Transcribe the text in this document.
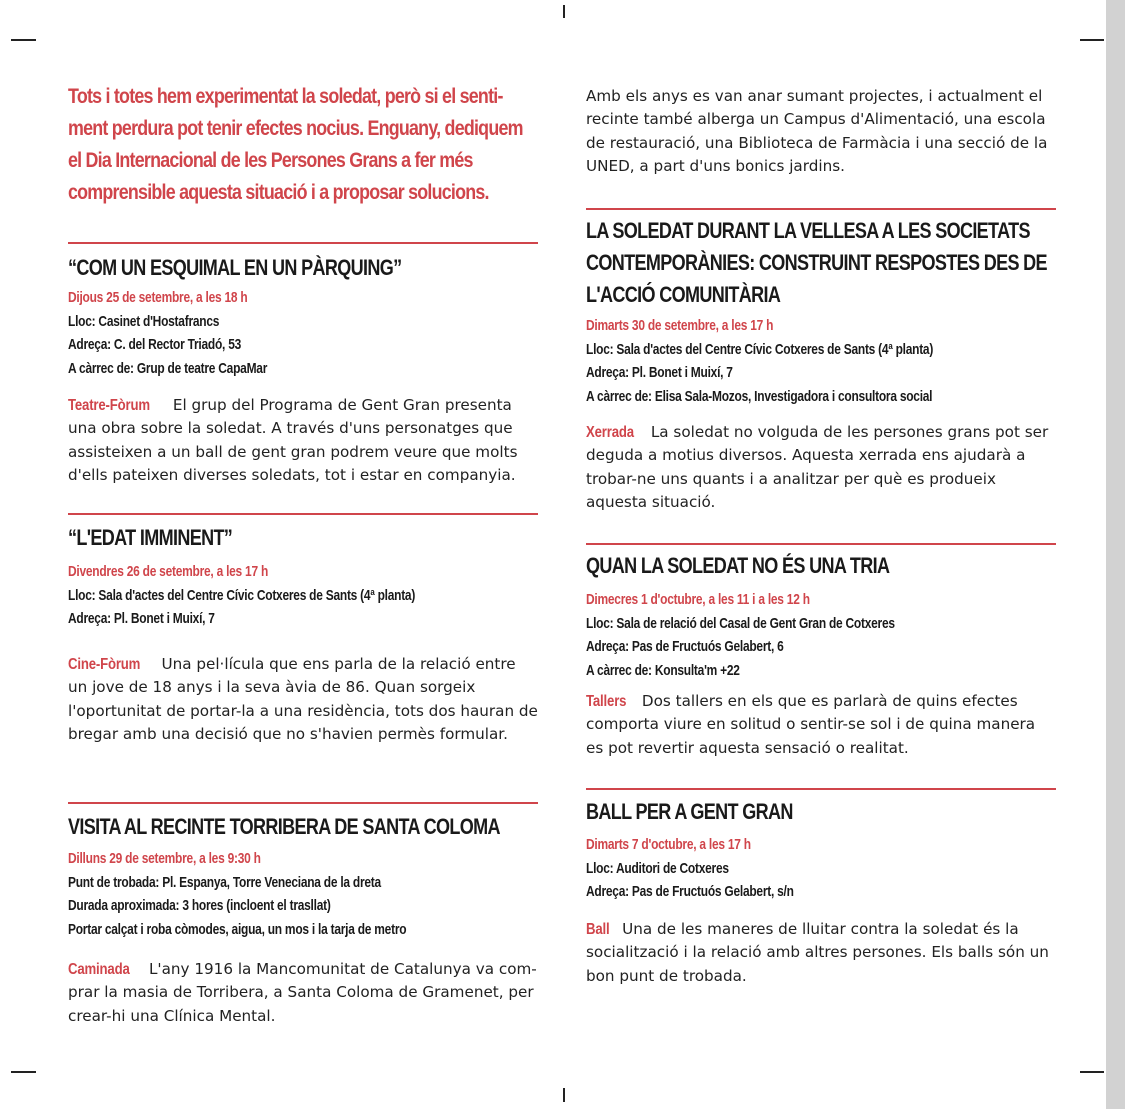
Tots i totes hem experimentat la soledat, però si el senti-ment perdura pot tenir efectes nocius. Enguany, dediquem el Dia Internacional de les Persones Grans a fer més comprensible aquesta situació i a proposar solucions.

“COM UN ESQUIMAL EN UN PÀRQUING”
Dijous 25 de setembre, a les 18 h
Lloc: Casinet d'Hostafrancs
Adreça: C. del Rector Triadó, 53
A càrrec de: Grup de teatre CapaMar

Teatre-Fòrum El grup del Programa de Gent Gran presenta una obra sobre la soledat. A través d'uns personatges que assisteixen a un ball de gent gran podrem veure que molts d'ells pateixen diverses soledats, tot i estar en companyia.

“L'EDAT IMMINENT”
Divendres 26 de setembre, a les 17 h
Lloc: Sala d'actes del Centre Cívic Cotxeres de Sants (4ª planta)
Adreça: Pl. Bonet i Muixí, 7

Cine-Fòrum Una pel·lícula que ens parla de la relació entre un jove de 18 anys i la seva àvia de 86. Quan sorgeix l'oportunitat de portar-la a una residència, tots dos hauran de bregar amb una decisió que no s'havien permès formular.

VISITA AL RECINTE TORRIBERA DE SANTA COLOMA
Dilluns 29 de setembre, a les 9:30 h
Punt de trobada: Pl. Espanya, Torre Veneciana de la dreta
Durada aproximada: 3 hores (incloent el trasllat)
Portar calçat i roba còmodes, aigua, un mos i la tarja de metro

Caminada L'any 1916 la Mancomunitat de Catalunya va com-prar la masia de Torribera, a Santa Coloma de Gramenet, per crear-hi una Clínica Mental.

Amb els anys es van anar sumant projectes, i actualment el recinte també alberga un Campus d'Alimentació, una escola de restauració, una Biblioteca de Farmàcia i una secció de la UNED, a part d'uns bonics jardins.

LA SOLEDAT DURANT LA VELLESA A LES SOCIETATS CONTEMPORÀNIES: CONSTRUINT RESPOSTES DES DE L'ACCIÓ COMUNITÀRIA
Dimarts 30 de setembre, a les 17 h
Lloc: Sala d'actes del Centre Cívic Cotxeres de Sants (4ª planta)
Adreça: Pl. Bonet i Muixí, 7
A càrrec de: Elisa Sala-Mozos, Investigadora i consultora social

Xerrada La soledat no volguda de les persones grans pot ser deguda a motius diversos. Aquesta xerrada ens ajudarà a trobar-ne uns quants i a analitzar per què es produeix aquesta situació.

QUAN LA SOLEDAT NO ÉS UNA TRIA
Dimecres 1 d'octubre, a les 11 i a les 12 h
Lloc: Sala de relació del Casal de Gent Gran de Cotxeres
Adreça: Pas de Fructuós Gelabert, 6
A càrrec de: Konsulta'm +22

Tallers Dos tallers en els que es parlarà de quins efectes comporta viure en solitud o sentir-se sol i de quina manera es pot revertir aquesta sensació o realitat.

BALL PER A GENT GRAN
Dimarts 7 d'octubre, a les 17 h
Lloc: Auditori de Cotxeres
Adreça: Pas de Fructuós Gelabert, s/n

Ball Una de les maneres de lluitar contra la soledat és la socialització i la relació amb altres persones. Els balls són un bon punt de trobada.
